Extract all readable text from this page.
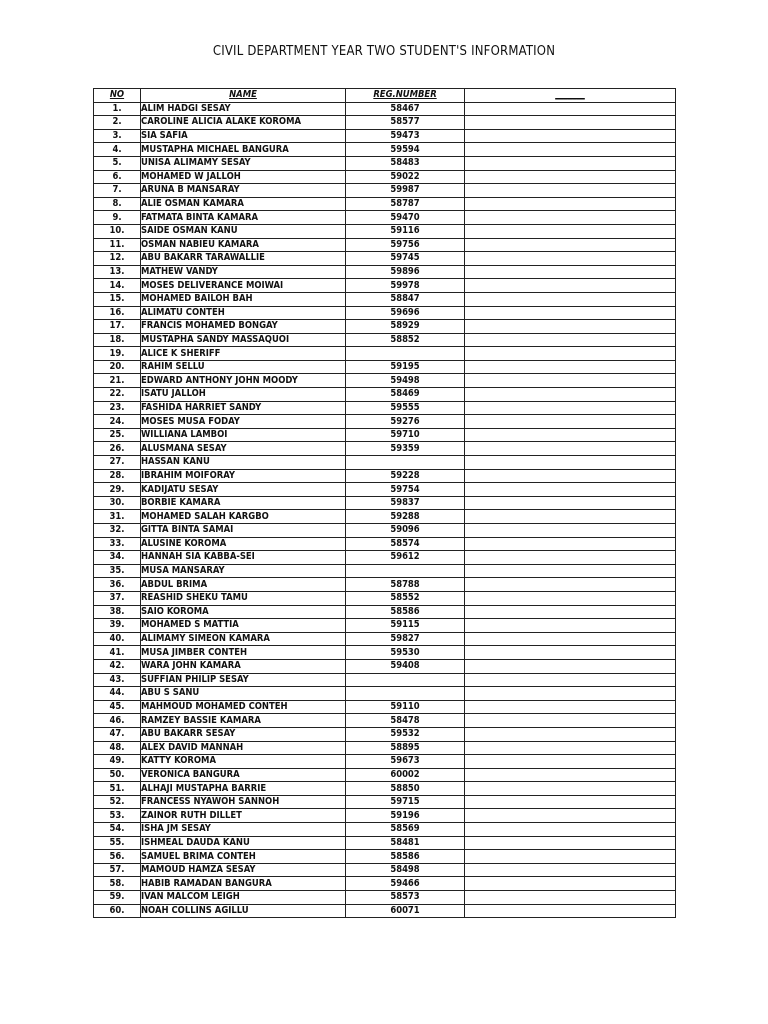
CIVIL DEPARTMENT YEAR TWO STUDENT'S INFORMATION
NO	NAME	REG.NUMBER	_______
1.	ALIM HADGI SESAY	58467	
2.	CAROLINE ALICIA ALAKE KOROMA	58577	
3.	SIA SAFIA	59473	
4.	MUSTAPHA MICHAEL BANGURA	59594	
5.	UNISA ALIMAMY SESAY	58483	
6.	MOHAMED W JALLOH	59022	
7.	ARUNA B MANSARAY	59987	
8.	ALIE OSMAN KAMARA	58787	
9.	FATMATA BINTA KAMARA	59470	
10.	SAIDE OSMAN KANU	59116	
11.	OSMAN NABIEU KAMARA	59756	
12.	ABU BAKARR TARAWALLIE	59745	
13.	MATHEW VANDY	59896	
14.	MOSES DELIVERANCE MOIWAI	59978	
15.	MOHAMED BAILOH BAH	58847	
16.	ALIMATU CONTEH	59696	
17.	FRANCIS MOHAMED BONGAY	58929	
18.	MUSTAPHA SANDY MASSAQUOI	58852	
19.	ALICE K SHERIFF		
20.	RAHIM SELLU	59195	
21.	EDWARD ANTHONY JOHN MOODY	59498	
22.	ISATU JALLOH	58469	
23.	FASHIDA HARRIET SANDY	59555	
24.	MOSES MUSA FODAY	59276	
25.	WILLIANA LAMBOI	59710	
26.	ALUSMANA SESAY	59359	
27.	HASSAN KANU		
28.	IBRAHIM MOIFORAY	59228	
29.	KADIJATU SESAY	59754	
30.	BORBIE KAMARA	59837	
31.	MOHAMED SALAH KARGBO	59288	
32.	GITTA BINTA SAMAI	59096	
33.	ALUSINE KOROMA	58574	
34.	HANNAH SIA KABBA-SEI	59612	
35.	MUSA MANSARAY		
36.	ABDUL BRIMA	58788	
37.	REASHID SHEKU TAMU	58552	
38.	SAIO KOROMA	58586	
39.	MOHAMED S MATTIA	59115	
40.	ALIMAMY SIMEON KAMARA	59827	
41.	MUSA JIMBER CONTEH	59530	
42.	WARA JOHN KAMARA	59408	
43.	SUFFIAN PHILIP SESAY		
44.	ABU S SANU		
45.	MAHMOUD MOHAMED CONTEH	59110	
46.	RAMZEY BASSIE KAMARA	58478	
47.	ABU BAKARR SESAY	59532	
48.	ALEX DAVID MANNAH	58895	
49.	KATTY KOROMA	59673	
50.	VERONICA BANGURA	60002	
51.	ALHAJI MUSTAPHA BARRIE	58850	
52.	FRANCESS NYAWOH SANNOH	59715	
53.	ZAINOR RUTH DILLET	59196	
54.	ISHA JM SESAY	58569	
55.	ISHMEAL DAUDA KANU	58481	
56.	SAMUEL BRIMA CONTEH	58586	
57.	MAMOUD HAMZA SESAY	58498	
58.	HABIB RAMADAN BANGURA	59466	
59.	IVAN MALCOM LEIGH	58573	
60.	NOAH COLLINS AGILLU	60071	
